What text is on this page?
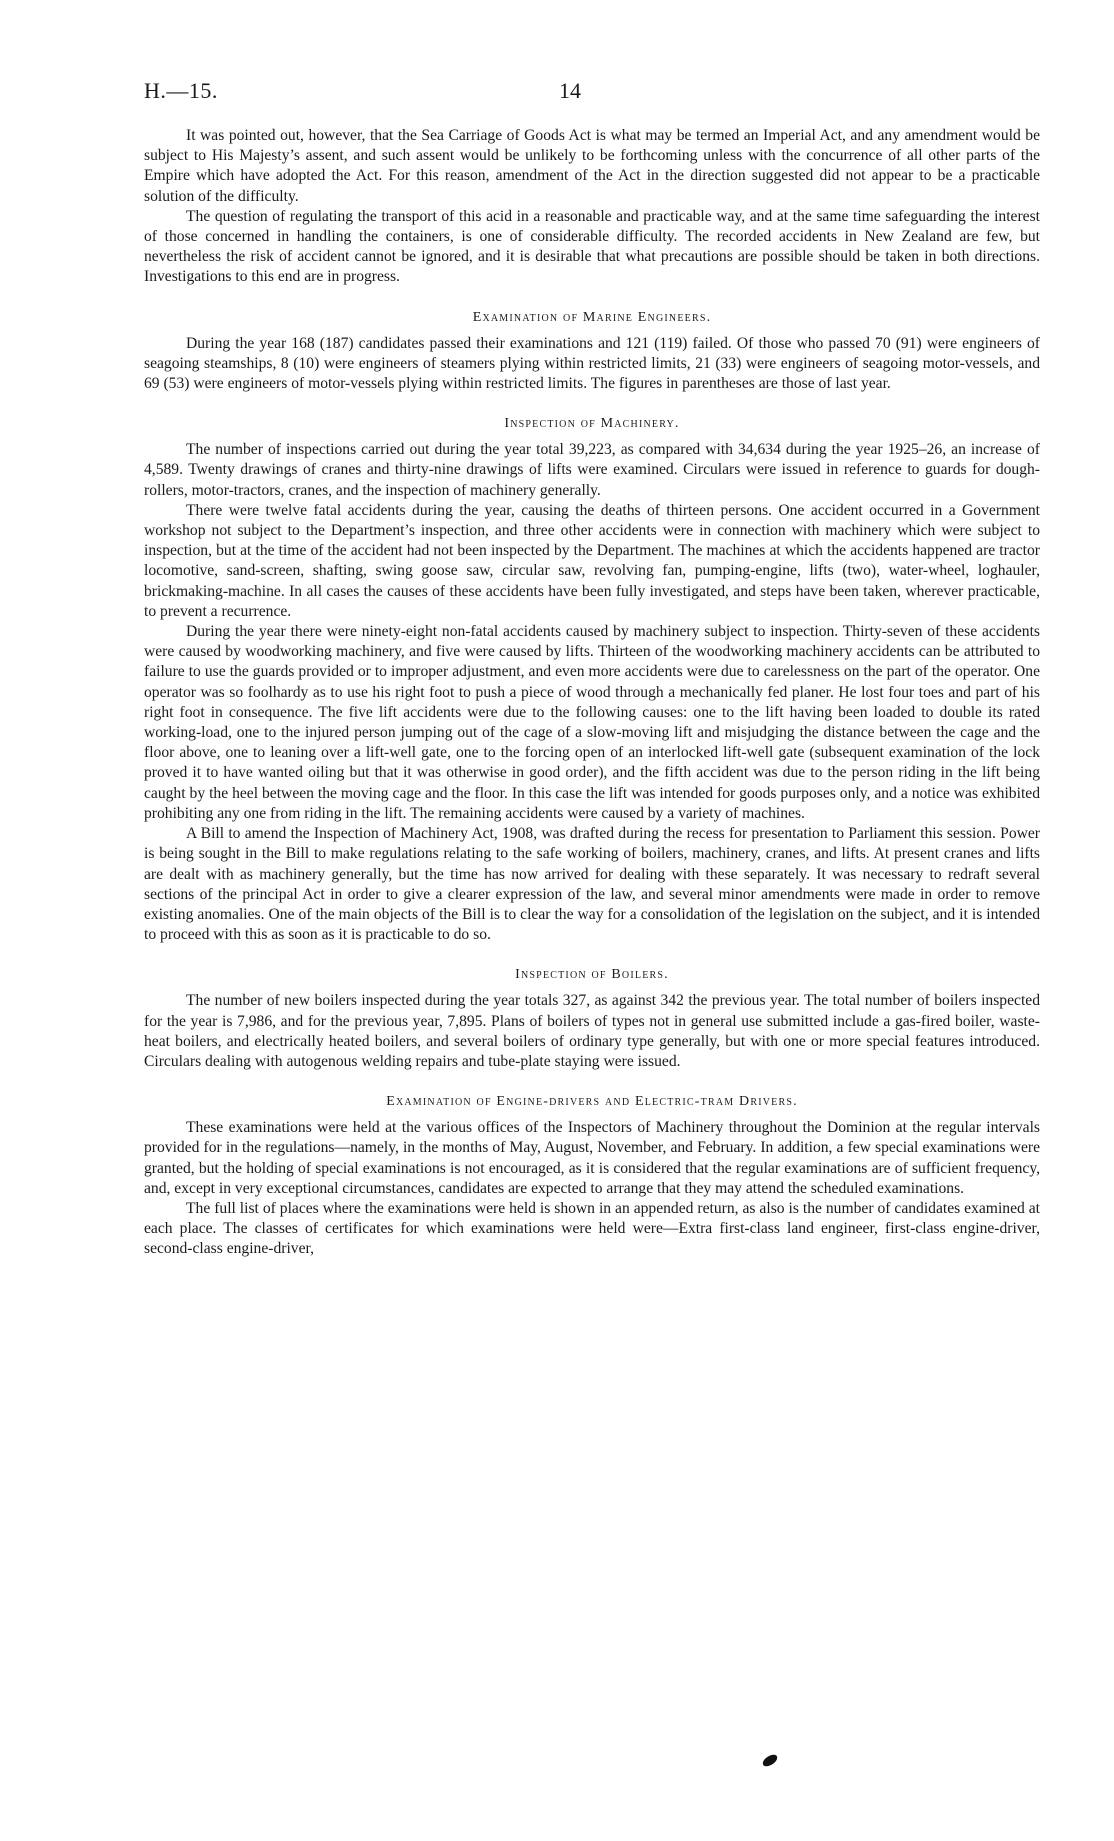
H.—15.	14

It was pointed out, however, that the Sea Carriage of Goods Act is what may be termed an Imperial Act, and any amendment would be subject to His Majesty’s assent, and such assent would be unlikely to be forthcoming unless with the concurrence of all other parts of the Empire which have adopted the Act. For this reason, amendment of the Act in the direction suggested did not appear to be a practicable solution of the difficulty.

The question of regulating the transport of this acid in a reasonable and practicable way, and at the same time safeguarding the interest of those concerned in handling the containers, is one of considerable difficulty. The recorded accidents in New Zealand are few, but nevertheless the risk of accident cannot be ignored, and it is desirable that what precautions are possible should be taken in both directions. Investigations to this end are in progress.

Examination of Marine Engineers.

During the year 168 (187) candidates passed their examinations and 121 (119) failed. Of those who passed 70 (91) were engineers of seagoing steamships, 8 (10) were engineers of steamers plying within restricted limits, 21 (33) were engineers of seagoing motor-vessels, and 69 (53) were engineers of motor-vessels plying within restricted limits. The figures in parentheses are those of last year.

Inspection of Machinery.

The number of inspections carried out during the year total 39,223, as compared with 34,634 during the year 1925–26, an increase of 4,589. Twenty drawings of cranes and thirty-nine drawings of lifts were examined. Circulars were issued in reference to guards for dough-rollers, motor-tractors, cranes, and the inspection of machinery generally.

There were twelve fatal accidents during the year, causing the deaths of thirteen persons. One accident occurred in a Government workshop not subject to the Department’s inspection, and three other accidents were in connection with machinery which were subject to inspection, but at the time of the accident had not been inspected by the Department. The machines at which the accidents happened are tractor locomotive, sand-screen, shafting, swing goose saw, circular saw, revolving fan, pumping-engine, lifts (two), water-wheel, loghauler, brickmaking-machine. In all cases the causes of these accidents have been fully investigated, and steps have been taken, wherever practicable, to prevent a recurrence.

During the year there were ninety-eight non-fatal accidents caused by machinery subject to inspection. Thirty-seven of these accidents were caused by woodworking machinery, and five were caused by lifts. Thirteen of the woodworking machinery accidents can be attributed to failure to use the guards provided or to improper adjustment, and even more accidents were due to carelessness on the part of the operator. One operator was so foolhardy as to use his right foot to push a piece of wood through a mechanically fed planer. He lost four toes and part of his right foot in consequence. The five lift accidents were due to the following causes: one to the lift having been loaded to double its rated working-load, one to the injured person jumping out of the cage of a slow-moving lift and misjudging the distance between the cage and the floor above, one to leaning over a lift-well gate, one to the forcing open of an interlocked lift-well gate (subsequent examination of the lock proved it to have wanted oiling but that it was otherwise in good order), and the fifth accident was due to the person riding in the lift being caught by the heel between the moving cage and the floor. In this case the lift was intended for goods purposes only, and a notice was exhibited prohibiting any one from riding in the lift. The remaining accidents were caused by a variety of machines.

A Bill to amend the Inspection of Machinery Act, 1908, was drafted during the recess for presentation to Parliament this session. Power is being sought in the Bill to make regulations relating to the safe working of boilers, machinery, cranes, and lifts. At present cranes and lifts are dealt with as machinery generally, but the time has now arrived for dealing with these separately. It was necessary to redraft several sections of the principal Act in order to give a clearer expression of the law, and several minor amendments were made in order to remove existing anomalies. One of the main objects of the Bill is to clear the way for a consolidation of the legislation on the subject, and it is intended to proceed with this as soon as it is practicable to do so.

Inspection of Boilers.

The number of new boilers inspected during the year totals 327, as against 342 the previous year. The total number of boilers inspected for the year is 7,986, and for the previous year, 7,895. Plans of boilers of types not in general use submitted include a gas-fired boiler, waste-heat boilers, and electrically heated boilers, and several boilers of ordinary type generally, but with one or more special features introduced. Circulars dealing with autogenous welding repairs and tube-plate staying were issued.

Examination of Engine-drivers and Electric-tram Drivers.

These examinations were held at the various offices of the Inspectors of Machinery throughout the Dominion at the regular intervals provided for in the regulations—namely, in the months of May, August, November, and February. In addition, a few special examinations were granted, but the holding of special examinations is not encouraged, as it is considered that the regular examinations are of sufficient frequency, and, except in very exceptional circumstances, candidates are expected to arrange that they may attend the scheduled examinations.

The full list of places where the examinations were held is shown in an appended return, as also is the number of candidates examined at each place. The classes of certificates for which examinations were held were—Extra first-class land engineer, first-class engine-driver, second-class engine-driver,
